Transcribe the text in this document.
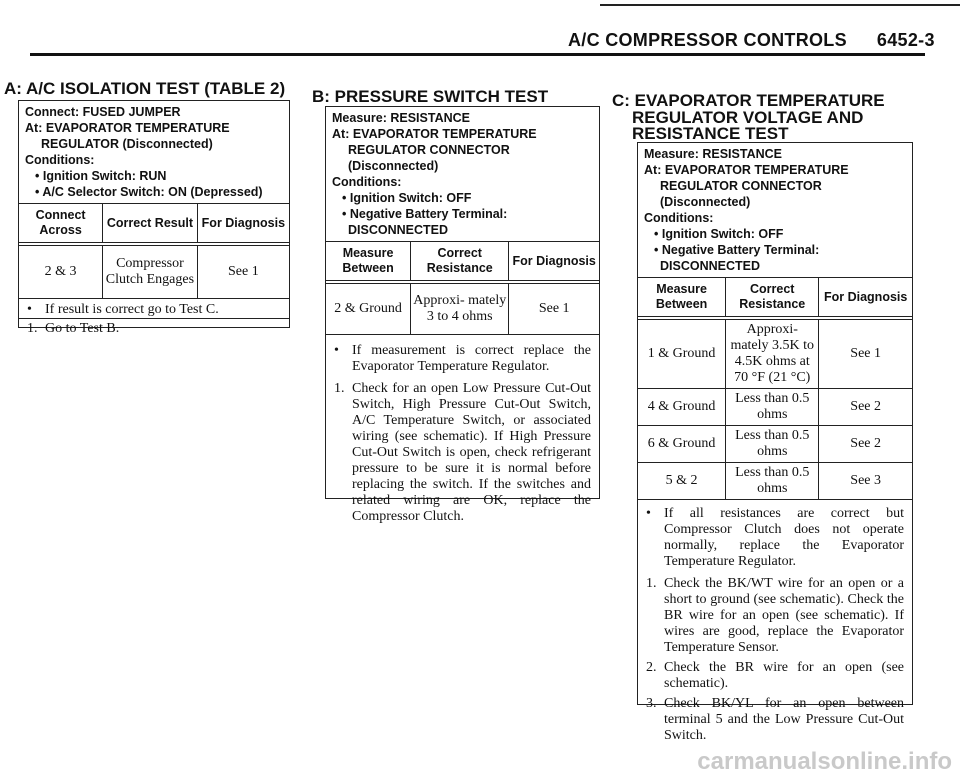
A/C COMPRESSOR CONTROLS 6452-3
A: A/C ISOLATION TEST (TABLE 2)
Connect: FUSED JUMPER
At: EVAPORATOR TEMPERATURE
REGULATOR (Disconnected)
Conditions:
• Ignition Switch: RUN
• A/C Selector Switch: ON (Depressed)
Connect Across	Correct Result	For Diagnosis
2 & 3	Compressor Clutch Engages	See 1
• If result is correct go to Test C.
1. Go to Test B.
B: PRESSURE SWITCH TEST
Measure: RESISTANCE
At: EVAPORATOR TEMPERATURE
REGULATOR CONNECTOR
(Disconnected)
Conditions:
• Ignition Switch: OFF
• Negative Battery Terminal:
DISCONNECTED
Measure Between	Correct Resistance	For Diagnosis
2 & Ground	Approxi- mately 3 to 4 ohms	See 1
• If measurement is correct replace the Evaporator Temperature Regulator.
1. Check for an open Low Pressure Cut-Out Switch, High Pressure Cut-Out Switch, A/C Temperature Switch, or associated wiring (see schematic). If High Pressure Cut-Out Switch is open, check refrigerant pressure to be sure it is normal before replacing the switch. If the switches and related wiring are OK, replace the Compressor Clutch.
C: EVAPORATOR TEMPERATURE
REGULATOR VOLTAGE AND
RESISTANCE TEST
Measure: RESISTANCE
At: EVAPORATOR TEMPERATURE
REGULATOR CONNECTOR
(Disconnected)
Conditions:
• Ignition Switch: OFF
• Negative Battery Terminal:
DISCONNECTED
Measure Between	Correct Resistance	For Diagnosis
1 & Ground	Approxi- mately 3.5K to 4.5K ohms at 70 °F (21 °C)	See 1
4 & Ground	Less than 0.5 ohms	See 2
6 & Ground	Less than 0.5 ohms	See 2
5 & 2	Less than 0.5 ohms	See 3
• If all resistances are correct but Compressor Clutch does not operate normally, replace the Evaporator Temperature Regulator.
1. Check the BK/WT wire for an open or a short to ground (see schematic). Check the BR wire for an open (see schematic). If wires are good, replace the Evaporator Temperature Sensor.
2. Check the BR wire for an open (see schematic).
3. Check BK/YL for an open between terminal 5 and the Low Pressure Cut-Out Switch.
carmanualsonline.info
